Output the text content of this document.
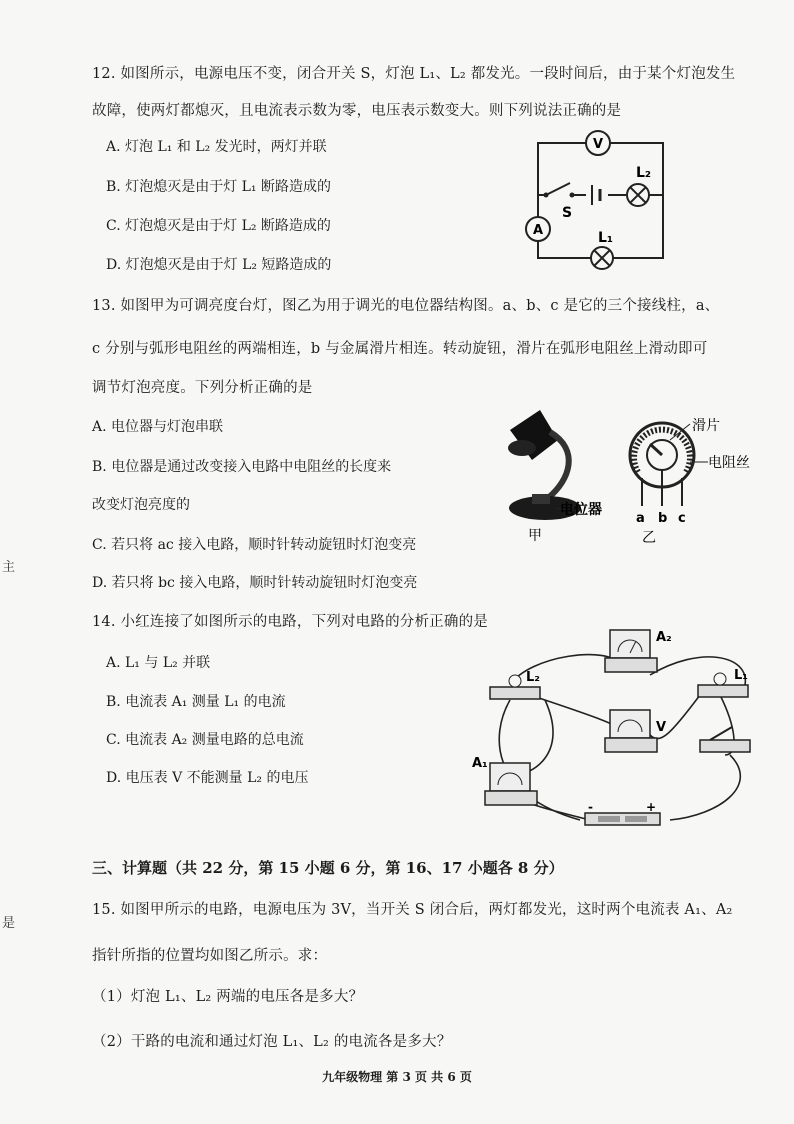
12. 如图所示，电源电压不变，闭合开关 S，灯泡 L₁、L₂ 都发光。一段时间后，由于某个灯泡发生
故障，使两灯都熄灭，且电流表示数为零，电压表示数变大。则下列说法正确的是
A. 灯泡 L₁ 和 L₂ 发光时，两灯并联
B. 灯泡熄灭是由于灯 L₁ 断路造成的
C. 灯泡熄灭是由于灯 L₂ 断路造成的
D. 灯泡熄灭是由于灯 L₂ 短路造成的
V
S
L₂
A	L₁
13. 如图甲为可调亮度台灯，图乙为用于调光的电位器结构图。a、b、c 是它的三个接线柱，a、
c 分别与弧形电阻丝的两端相连，b 与金属滑片相连。转动旋钮，滑片在弧形电阻丝上滑动即可
调节灯泡亮度。下列分析正确的是
A. 电位器与灯泡串联
B. 电位器是通过改变接入电路中电阻丝的长度来
改变灯泡亮度的
C. 若只将 ac 接入电路，顺时针转动旋钮时灯泡变亮
D. 若只将 bc 接入电路，顺时针转动旋钮时灯泡变亮
电位器
甲
滑片
电阻丝
a b c
乙
14. 小红连接了如图所示的电路，下列对电路的分析正确的是
A. L₁ 与 L₂ 并联
B. 电流表 A₁ 测量 L₁ 的电流
C. 电流表 A₂ 测量电路的总电流
D. 电压表 V 不能测量 L₂ 的电压
A₂
L₂	L₁
V
A₁
-	+
三、计算题（共 22 分，第 15 小题 6 分，第 16、17 小题各 8 分）
15. 如图甲所示的电路，电源电压为 3V，当开关 S 闭合后，两灯都发光，这时两个电流表 A₁、A₂
指针所指的位置均如图乙所示。求：
（1）灯泡 L₁、L₂ 两端的电压各是多大？
（2）干路的电流和通过灯泡 L₁、L₂ 的电流各是多大？
主
是
九年级物理 第 3 页 共 6 页
